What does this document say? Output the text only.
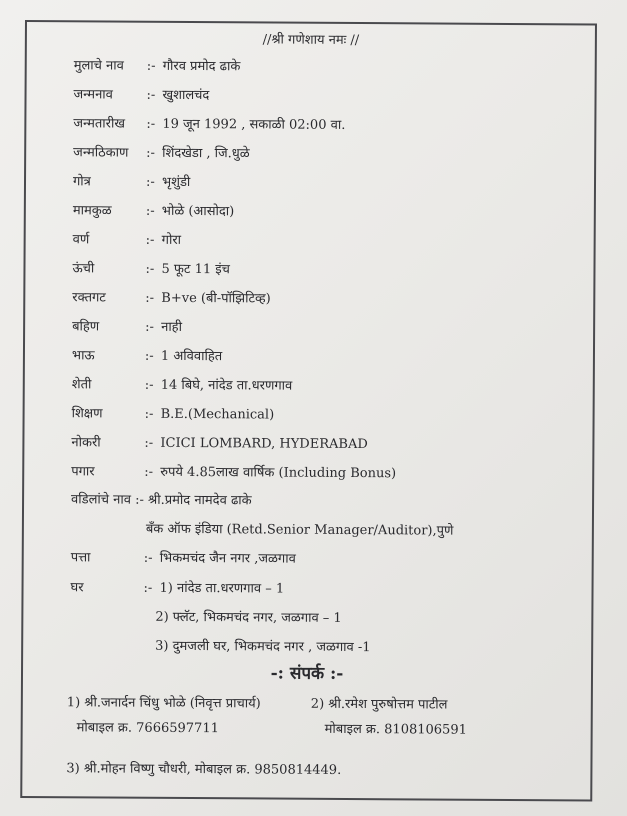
//श्री गणेशाय नमः //
मुलाचे नाव :- गौरव प्रमोद ढाके
जन्मनाव	:- खुशालचंद
जन्मतारीख :- 19 जून 1992 , सकाळी 02:00 वा.
जन्मठिकाण :- शिंदखेडा , जि.धुळे
गोत्र	:- भृशुंडी
मामकुळ	:- भोळे (आसोदा)
वर्ण	:- गोरा
ऊंची	:- 5 फूट 11 इंच
रक्तगट	:- B+ve (बी-पॉझिटिव्ह)
बहिण	:- नाही
भाऊ	:- 1 अविवाहित
शेती	:- 14 बिघे, नांदेड ता.धरणगाव
शिक्षण	:- B.E.(Mechanical)
नोकरी	:- ICICI LOMBARD, HYDERABAD
पगार	:- रुपये 4.85लाख वार्षिक (Including Bonus)
वडिलांचे नाव :- श्री.प्रमोद नामदेव ढाके
बँक ऑफ इंडिया (Retd.Senior Manager/Auditor),पुणे
पत्ता	:- भिकमचंद जैन नगर ,जळगाव
घर	:- 1) नांदेड ता.धरणगाव – 1
2) फ्लॅट, भिकमचंद नगर, जळगाव – 1
3) दुमजली घर, भिकमचंद नगर , जळगाव -1
-: संपर्क :-
1) श्री.जनार्दन चिंधु भोळे (निवृत्त प्राचार्य)
मोबाइल क्र. 7666597711
2) श्री.रमेश पुरुषोत्तम पाटील
मोबाइल क्र. 8108106591
3) श्री.मोहन विष्णु चौधरी, मोबाइल क्र. 9850814449.
